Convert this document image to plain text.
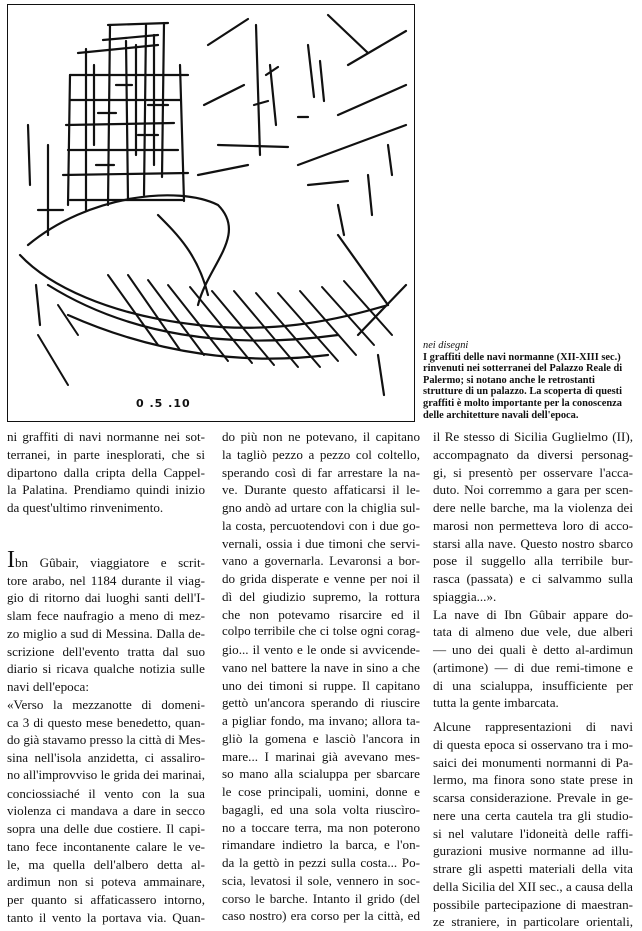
0 .5 .10
nei disegni
I graffiti delle navi normanne (XII-XIII sec.) rinvenuti nei sotterranei del Palazzo Reale di Palermo; si notano anche le retrostanti strutture di un palazzo. La scoperta di questi graffiti è molto importante per la conoscenza delle architetture navali dell'epoca.

ni graffiti di navi normanne nei sot-
terranei, in parte inesplorati, che si
dipartono dalla cripta della Cappel-
la Palatina. Prendiamo quindi inizio
da quest'ultimo rinvenimento.

Ibn Gûbair, viaggiatore e scrit-
tore arabo, nel 1184 durante il viag-
gio di ritorno dai luoghi santi dell'I-
slam fece naufragio a meno di mez-
zo miglio a sud di Messina. Dalla de-
scrizione dell'evento tratta dal suo
diario si ricava qualche notizia sulle
navi dell'epoca:
«Verso la mezzanotte di domeni-
ca 3 di questo mese benedetto, quan-
do già stavamo presso la città di Mes-
sina nell'isola anzidetta, ci assaliro-
no all'improvviso le grida dei marinai,
conciossiaché il vento con la sua
violenza ci mandava a dare in secco
sopra una delle due costiere. Il capi-
tano fece incontanente calare le ve-
le, ma quella dell'albero detta al-
ardimun non si poteva ammainare,
per quanto si affaticassero intorno,
tanto il vento la portava via. Quan-

do più non ne potevano, il capitano
la tagliò pezzo a pezzo col coltello,
sperando così di far arrestare la na-
ve. Durante questo affaticarsi il le-
gno andò ad urtare con la chiglia sul-
la costa, percuotendovi con i due go-
vernali, ossia i due timoni che servi-
vano a governarla. Levaronsi a bor-
do grida disperate e venne per noi il
dì del giudizio supremo, la rottura
che non potevamo risarcire ed il
colpo terribile che ci tolse ogni corag-
gio... il vento e le onde si avvicende-
vano nel battere la nave in sino a che
uno dei timoni si ruppe. Il capitano
gettò un'ancora sperando di riuscire
a pigliar fondo, ma invano; allora ta-
gliò la gomena e lasciò l'ancora in
mare... I marinai già avevano mes-
so mano alla scialuppa per sbarcare
le cose principali, uomini, donne e
bagagli, ed una sola volta riuscìro-
no a toccare terra, ma non poterono
rimandare indietro la barca, e l'on-
da la gettò in pezzi sulla costa... Po-
scia, levatosi il sole, vennero in soc-
corso le barche. Intanto il grido (del
caso nostro) era corso per la città, ed

il Re stesso di Sicilia Guglielmo (II),
accompagnato da diversi personag-
gi, si presentò per osservare l'acca-
duto. Noi corremmo a gara per scen-
dere nelle barche, ma la violenza dei
marosi non permetteva loro di acco-
starsi alla nave. Questo nostro sbarco
pose il suggello alla terribile bur-
rasca (passata) e ci salvammo sulla
spiaggia...».

La nave di Ibn Gûbair appare do-
tata di almeno due vele, due alberi
— uno dei quali è detto al-ardimun
(artimone) — di due remi-timone e
di una scialuppa, insufficiente per
tutta la gente imbarcata.

Alcune rappresentazioni di navi
di questa epoca si osservano tra i mo-
saici dei monumenti normanni di Pa-
lermo, ma finora sono state prese in
scarsa considerazione. Prevale in ge-
nere una certa cautela tra gli studio-
si nel valutare l'idoneità delle raffi-
gurazioni musive normanne ad illu-
strare gli aspetti materiali della vita
della Sicilia del XII sec., a causa della
possibile partecipazione di maestran-
ze straniere, in particolare orientali,
